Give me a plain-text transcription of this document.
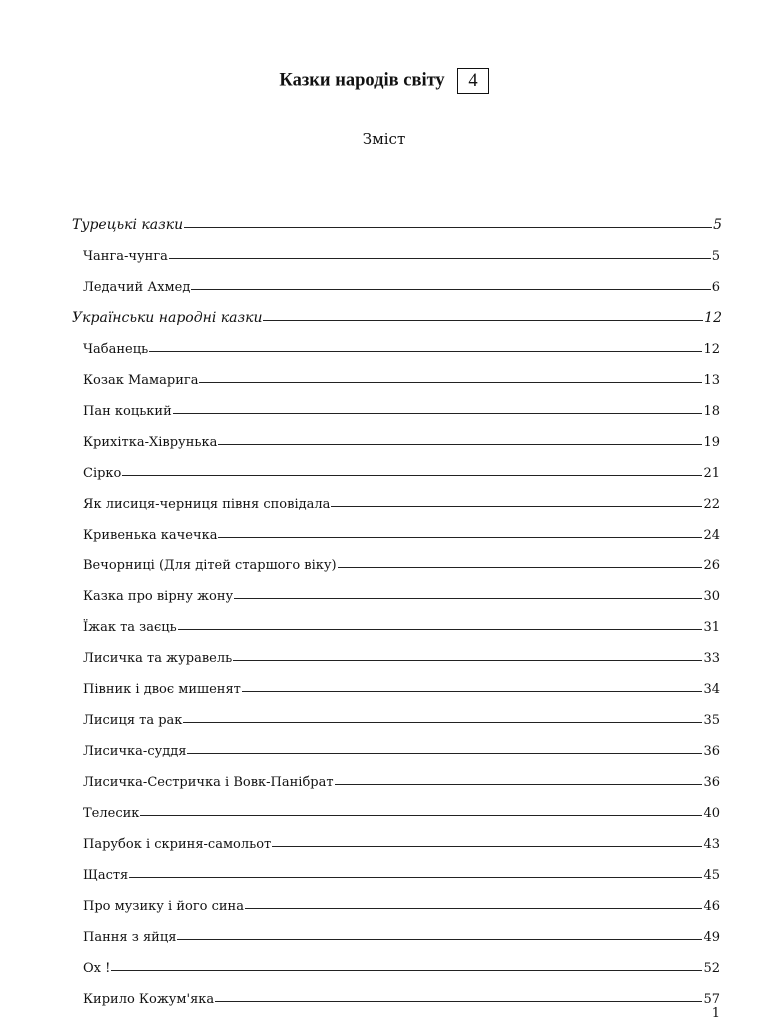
Казки народів світу 4
Зміст
Турецькі казки	5
Чанга-чунга	5
Ледачий Ахмед	6
Українськи народні казки	12
Чабанець	12
Козак Мамарига	13
Пан коцький	18
Крихітка-Хіврунька	19
Сірко	21
Як лисиця-черниця півня сповідала	22
Кривенька качечка	24
Вечорниці (Для дітей старшого віку)	26
Казка про вірну жону	30
Їжак та заєць	31
Лисичка та журавель	33
Півник і двоє мишенят	34
Лисиця та рак	35
Лисичка-суддя	36
Лисичка-Сестричка і Вовк-Панібрат	36
Телесик	40
Парубок і скриня-самольот	43
Щастя	45
Про музику і його сина	46
Пання з яйця	49
Ох !	52
Кирило Кожум'яка	57
1
